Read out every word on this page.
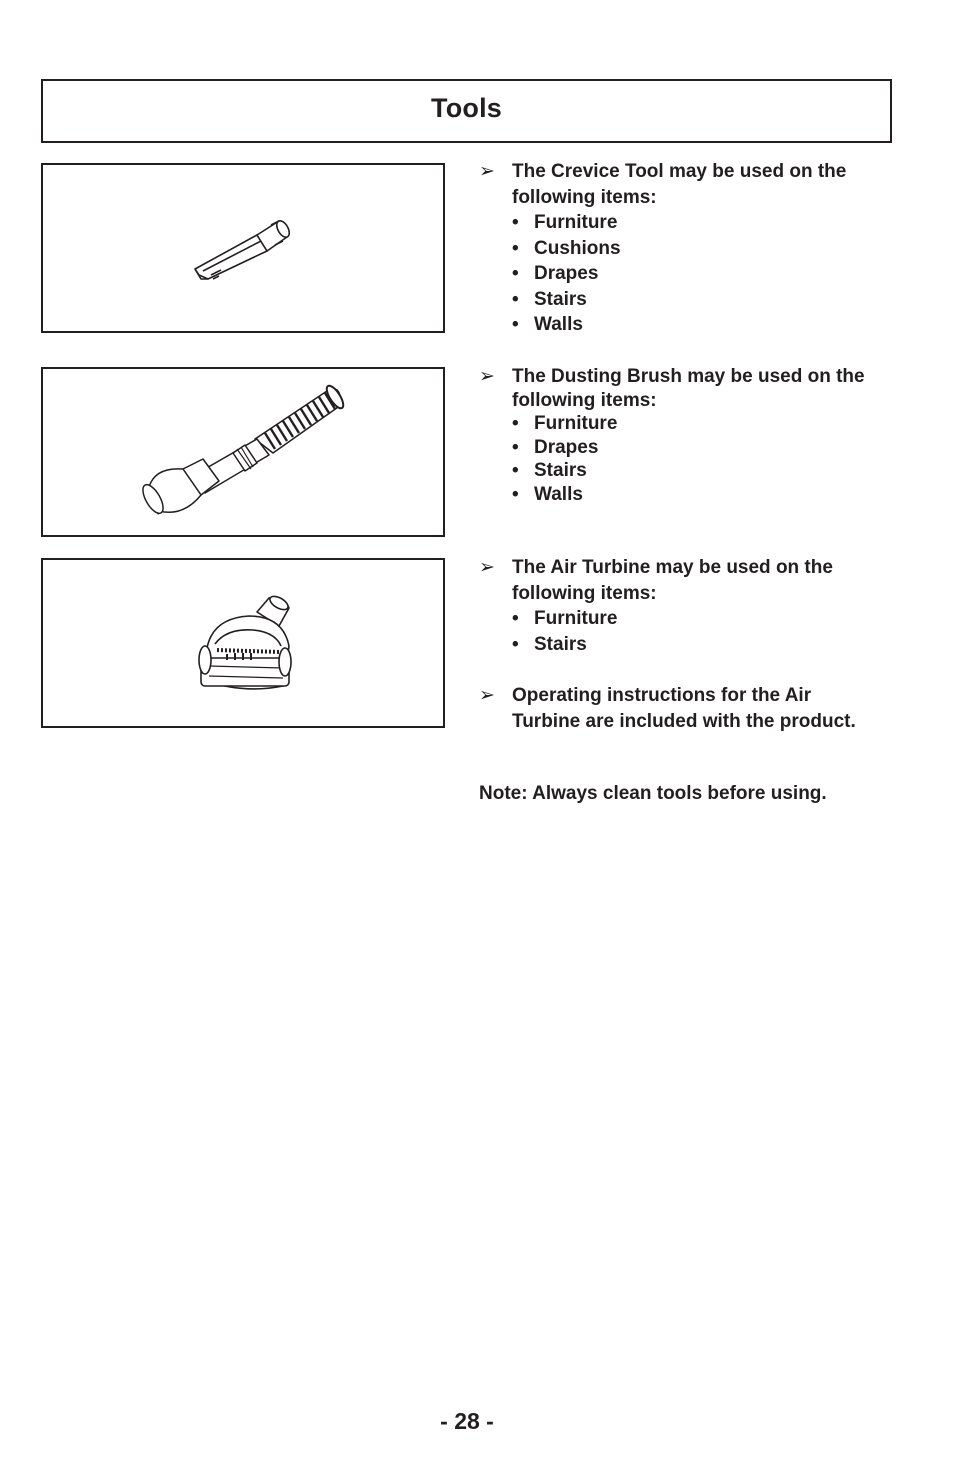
Tools
➢ The Crevice Tool may be used on the following items:
• Furniture
• Cushions
• Drapes
• Stairs
• Walls
➢ The Dusting Brush may be used on the following items:
• Furniture
• Drapes
• Stairs
• Walls
➢ The Air Turbine may be used on the following items:
• Furniture
• Stairs
➢ Operating instructions for the Air Turbine are included with the product.
Note: Always clean tools before using.
- 28 -
